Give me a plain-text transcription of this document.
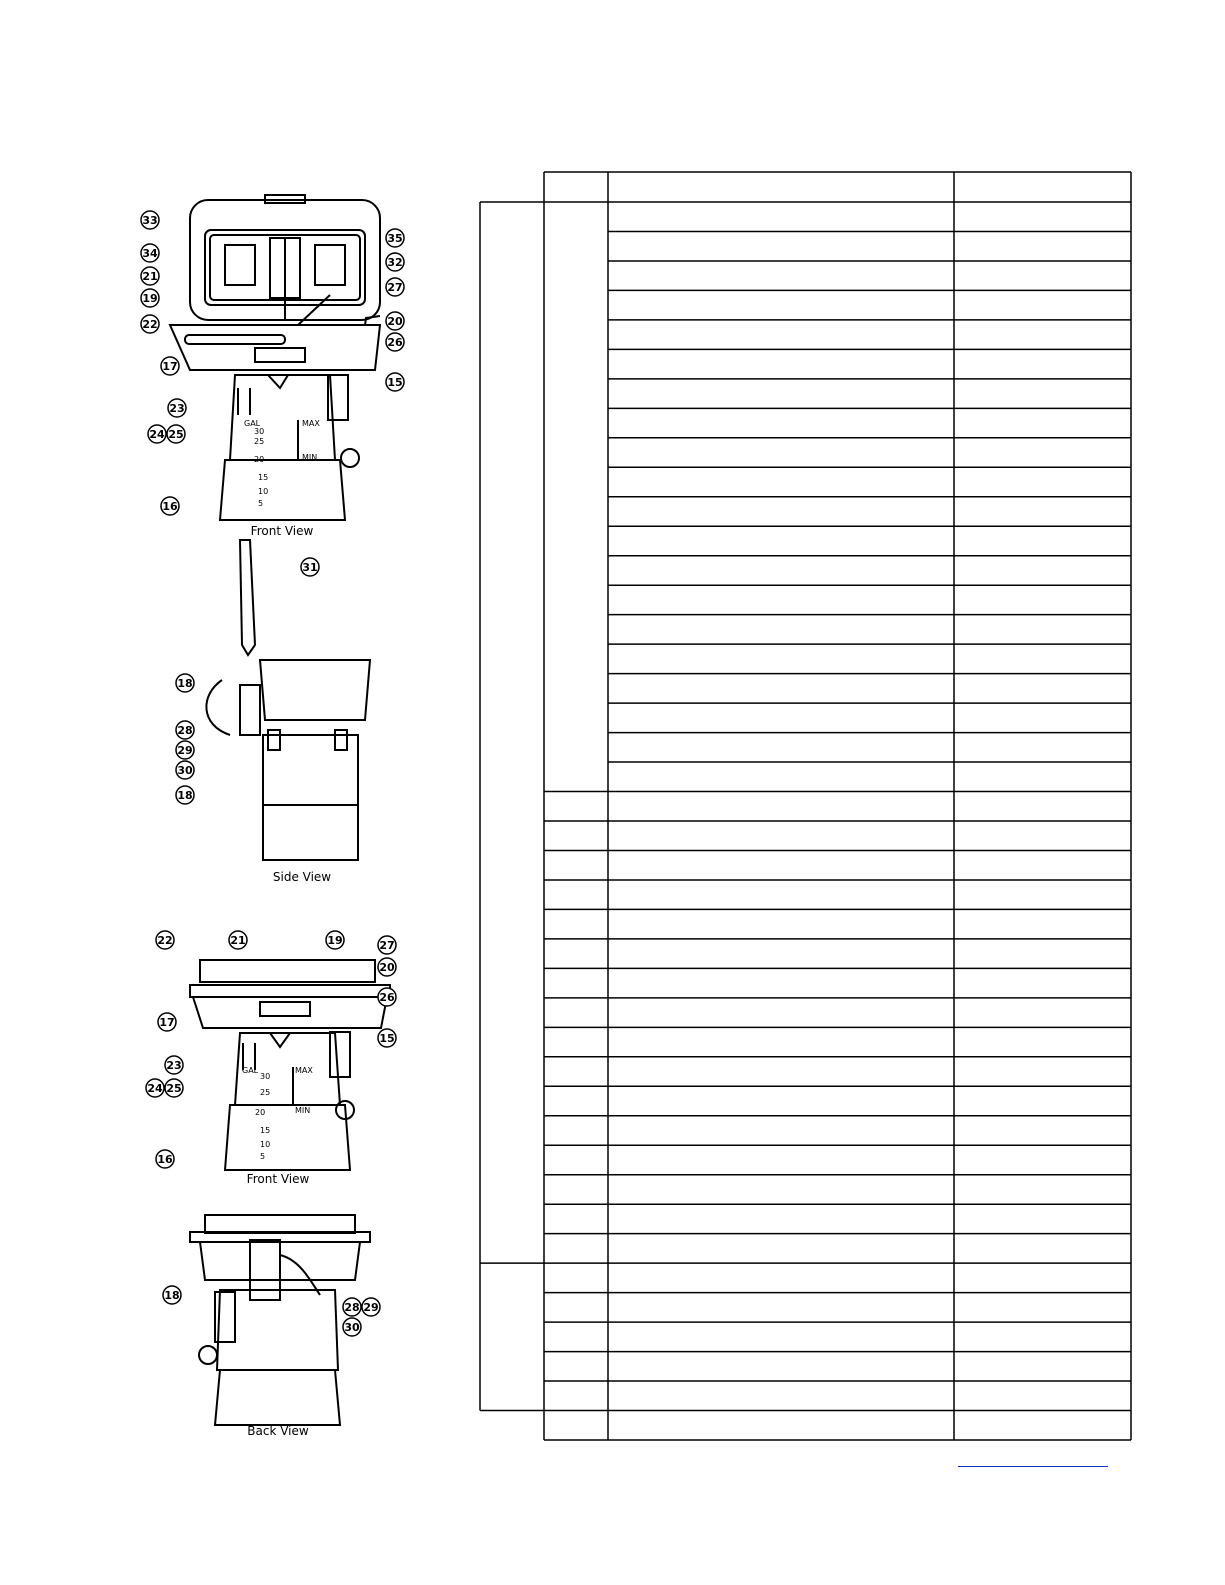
GAL	MAX
MIN
30
25
20
15
10
5
33
34
21
19
22
17
23
24 25
16
35
32
27
20
26
15
Front View
31
18
28
29
30
18
Side View
GAL	MAX
MIN
30
25
20
15
10
5
22	21	19	27
20
26
17
23
24 25
16
15
Front View
18
28 29
30
Back View
